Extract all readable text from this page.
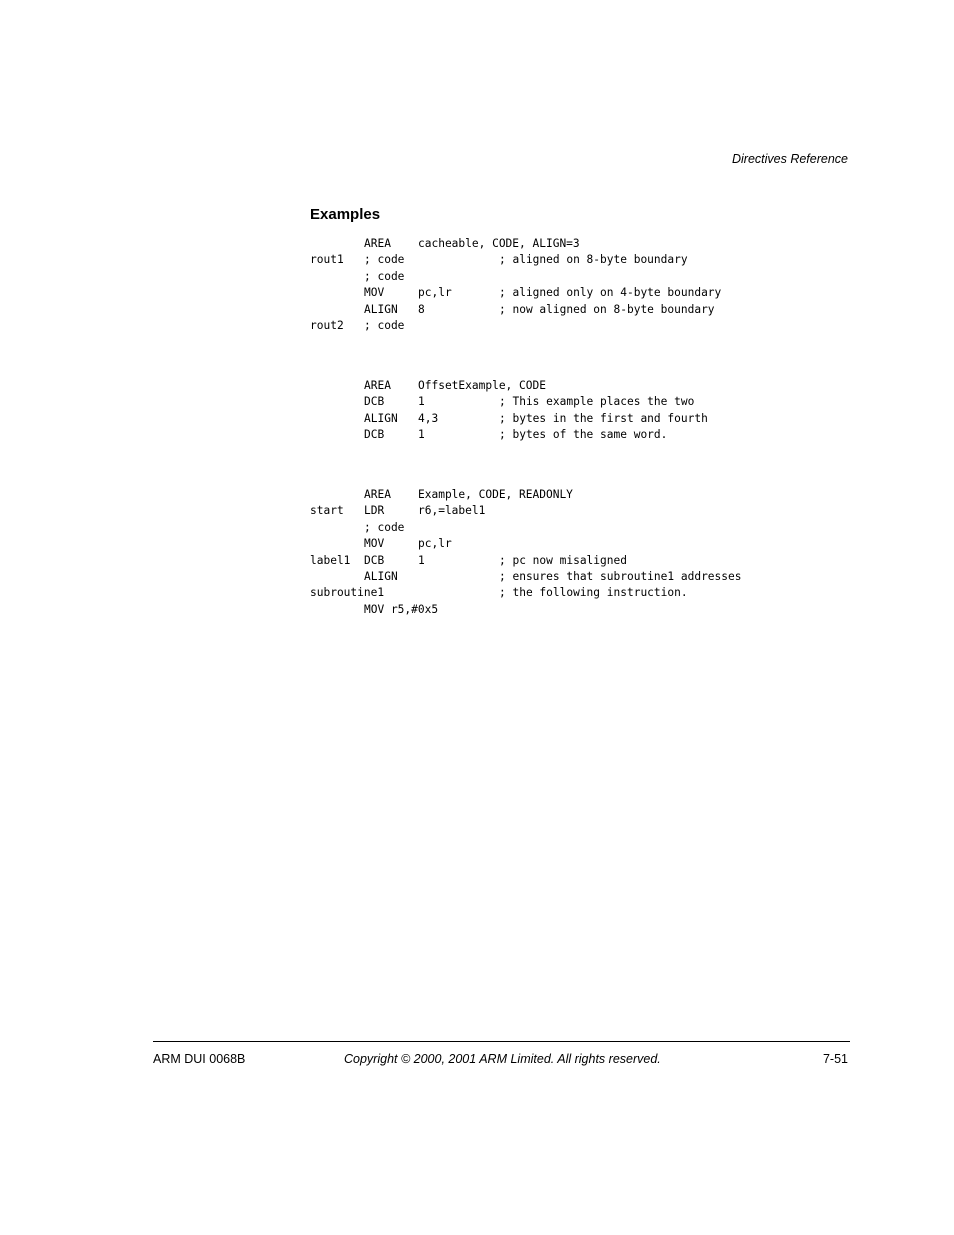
Directives Reference
Examples
AREA cacheable, CODE, ALIGN=3
rout1 ; code	; aligned on 8-byte boundary
; code
MOV	pc,lr	; aligned only on 4-byte boundary
ALIGN 8	; now aligned on 8-byte boundary
rout2 ; code
AREA OffsetExample, CODE
DCB	1	; This example places the two
ALIGN 4,3	; bytes in the first and fourth
DCB	1	; bytes of the same word.
AREA Example, CODE, READONLY
start LDR	r6,=label1
; code
MOV	pc,lr
label1 DCB	1	; pc now misaligned
ALIGN	; ensures that subroutine1 addresses
subroutine1	; the following instruction.
MOV r5,#0x5
ARM DUI 0068B	Copyright © 2000, 2001 ARM Limited. All rights reserved.	7-51
